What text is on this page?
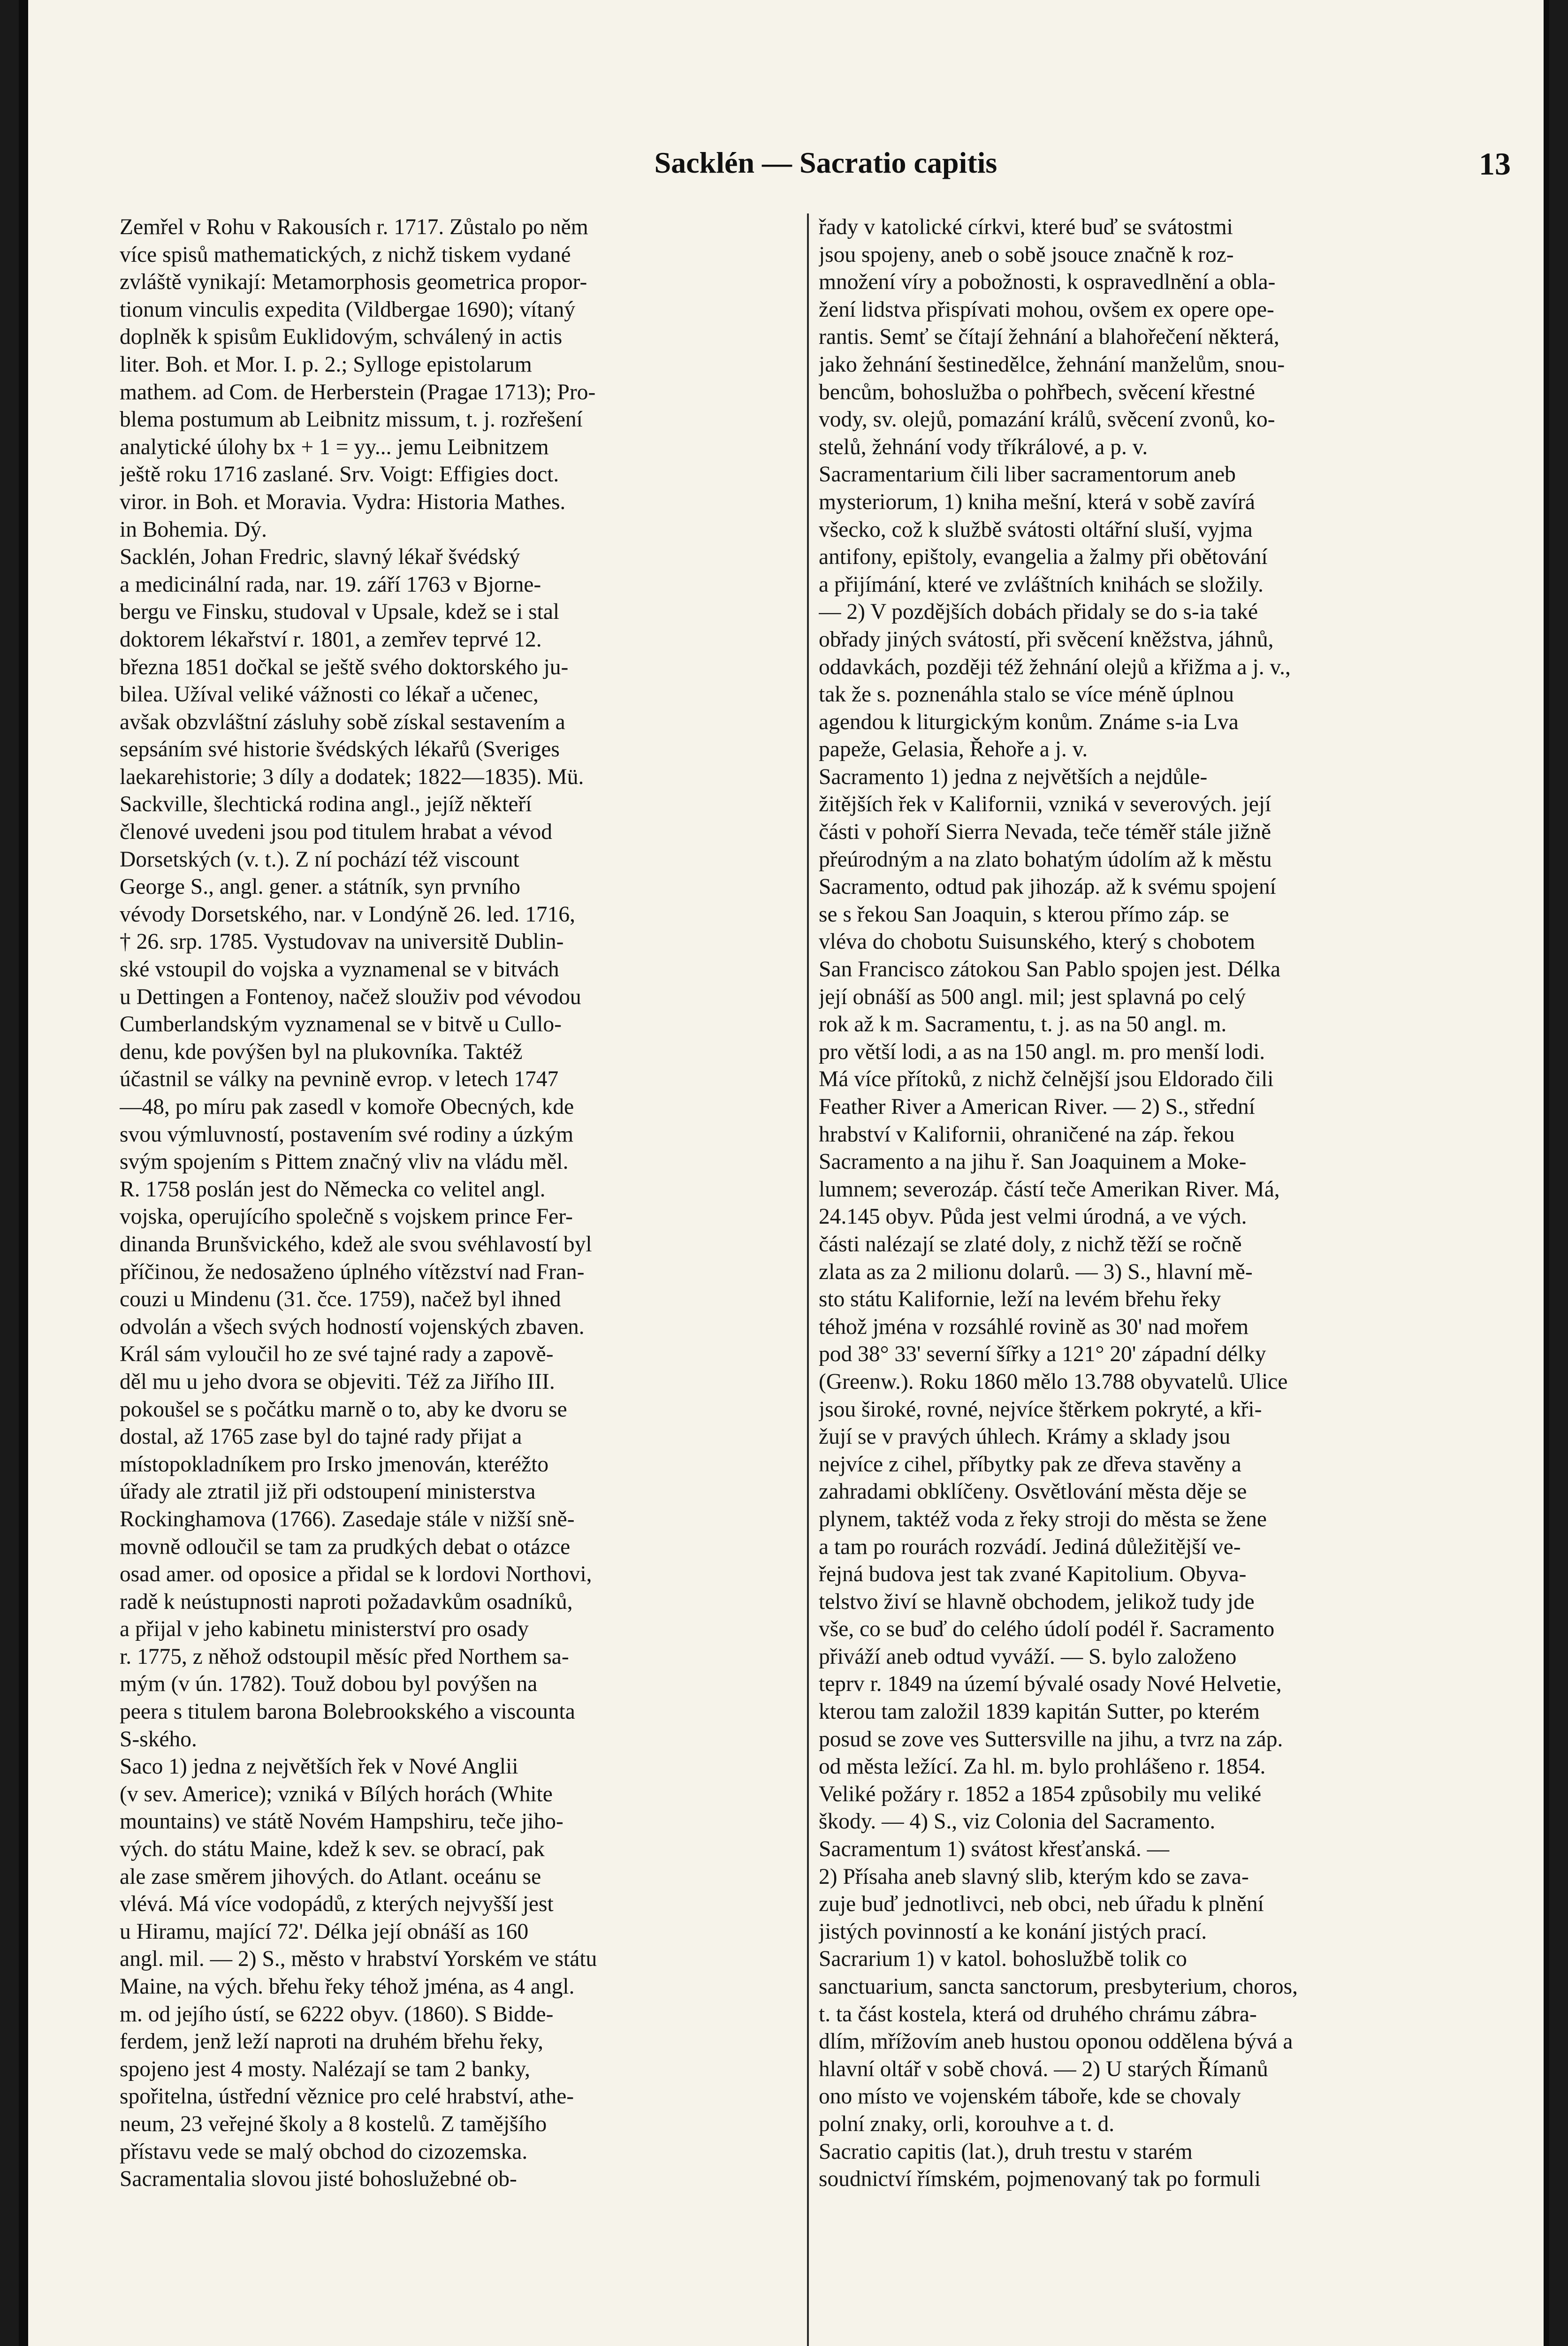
Sacklén — Sacratio capitis	13
Zemřel v Rohu v Rakousích r. 1717. Zůstalo po něm
více spisů mathematických, z nichž tiskem vydané
zvláště vynikají: Metamorphosis geometrica propor-
tionum vinculis expedita (Vildbergae 1690); vítaný
doplněk k spisům Euklidovým, schválený in actis
liter. Boh. et Mor. I. p. 2.; Sylloge epistolarum
mathem. ad Com. de Herberstein (Pragae 1713); Pro-
blema postumum ab Leibnitz missum, t. j. rozřešení
analytické úlohy bx + 1 = yy... jemu Leibnitzem
ještě roku 1716 zaslané. Srv. Voigt: Effigies doct.
viror. in Boh. et Moravia. Vydra: Historia Mathes.
in Bohemia. Dý.
Sacklén, Johan Fredric, slavný lékař švédský
a medicinální rada, nar. 19. září 1763 v Bjorne-
bergu ve Finsku, studoval v Upsale, kdež se i stal
doktorem lékařství r. 1801, a zemřev teprvé 12.
března 1851 dočkal se ještě svého doktorského ju-
bilea. Užíval veliké vážnosti co lékař a učenec,
avšak obzvláštní zásluhy sobě získal sestavením a
sepsáním své historie švédských lékařů (Sveriges
laekarehistorie; 3 díly a dodatek; 1822—1835). Mü.
Sackville, šlechtická rodina angl., jejíž někteří
členové uvedeni jsou pod titulem hrabat a vévod
Dorsetských (v. t.). Z ní pochází též viscount
George S., angl. gener. a státník, syn prvního
vévody Dorsetského, nar. v Londýně 26. led. 1716,
† 26. srp. 1785. Vystudovav na universitě Dublin-
ské vstoupil do vojska a vyznamenal se v bitvách
u Dettingen a Fontenoy, načež slouživ pod vévodou
Cumberlandským vyznamenal se v bitvě u Cullo-
denu, kde povýšen byl na plukovníka. Taktéž
účastnil se války na pevnině evrop. v letech 1747
—48, po míru pak zasedl v komoře Obecných, kde
svou výmluvností, postavením své rodiny a úzkým
svým spojením s Pittem značný vliv na vládu měl.
R. 1758 poslán jest do Německa co velitel angl.
vojska, operujícího společně s vojskem prince Fer-
dinanda Brunšvického, kdež ale svou svéhlavostí byl
příčinou, že nedosaženo úplného vítězství nad Fran-
couzi u Mindenu (31. čce. 1759), načež byl ihned
odvolán a všech svých hodností vojenských zbaven.
Král sám vyloučil ho ze své tajné rady a zapově-
děl mu u jeho dvora se objeviti. Též za Jiřího III.
pokoušel se s počátku marně o to, aby ke dvoru se
dostal, až 1765 zase byl do tajné rady přijat a
místopokladníkem pro Irsko jmenován, kteréžto
úřady ale ztratil již při odstoupení ministerstva
Rockinghamova (1766). Zasedaje stále v nižší sně-
movně odloučil se tam za prudkých debat o otázce
osad amer. od oposice a přidal se k lordovi Northovi,
radě k neústupnosti naproti požadavkům osadníků,
a přijal v jeho kabinetu ministerství pro osady
r. 1775, z něhož odstoupil měsíc před Northem sa-
mým (v ún. 1782). Touž dobou byl povýšen na
peera s titulem barona Bolebrookského a viscounta
S-ského.
Saco 1) jedna z největších řek v Nové Anglii
(v sev. Americe); vzniká v Bílých horách (White
mountains) ve státě Novém Hampshiru, teče jiho-
vých. do státu Maine, kdež k sev. se obrací, pak
ale zase směrem jihových. do Atlant. oceánu se
vlévá. Má více vodopádů, z kterých nejvyšší jest
u Hiramu, mající 72'. Délka její obnáší as 160
angl. mil. — 2) S., město v hrabství Yorském ve státu
Maine, na vých. břehu řeky téhož jména, as 4 angl.
m. od jejího ústí, se 6222 obyv. (1860). S Bidde-
ferdem, jenž leží naproti na druhém břehu řeky,
spojeno jest 4 mosty. Nalézají se tam 2 banky,
spořitelna, ústřední věznice pro celé hrabství, athe-
neum, 23 veřejné školy a 8 kostelů. Z tamějšího
přístavu vede se malý obchod do cizozemska.
Sacramentalia slovou jisté bohoslužebné ob-
řady v katolické církvi, které buď se svátostmi
jsou spojeny, aneb o sobě jsouce značně k roz-
množení víry a pobožnosti, k ospravedlnění a obla-
žení lidstva přispívati mohou, ovšem ex opere ope-
rantis. Semť se čítají žehnání a blahořečení některá,
jako žehnání šestinedělce, žehnání manželům, snou-
bencům, bohoslužba o pohřbech, svěcení křestné
vody, sv. olejů, pomazání králů, svěcení zvonů, ko-
stelů, žehnání vody tříkrálové, a p. v.
Sacramentarium čili liber sacramentorum aneb
mysteriorum, 1) kniha mešní, která v sobě zavírá
všecko, což k službě svátosti oltářní sluší, vyjma
antifony, epištoly, evangelia a žalmy při obětování
a přijímání, které ve zvláštních knihách se složily.
— 2) V pozdějších dobách přidaly se do s-ia také
obřady jiných svátostí, při svěcení kněžstva, jáhnů,
oddavkách, později též žehnání olejů a křižma a j. v.,
tak že s. poznenáhla stalo se více méně úplnou
agendou k liturgickým konům. Známe s-ia Lva
papeže, Gelasia, Řehoře a j. v.
Sacramento 1) jedna z největších a nejdůle-
žitějších řek v Kalifornii, vzniká v severových. její
části v pohoří Sierra Nevada, teče téměř stále jižně
přeúrodným a na zlato bohatým údolím až k městu
Sacramento, odtud pak jihozáp. až k svému spojení
se s řekou San Joaquin, s kterou přímo záp. se
vléva do chobotu Suisunského, který s chobotem
San Francisco zátokou San Pablo spojen jest. Délka
její obnáší as 500 angl. mil; jest splavná po celý
rok až k m. Sacramentu, t. j. as na 50 angl. m.
pro větší lodi, a as na 150 angl. m. pro menší lodi.
Má více přítoků, z nichž čelnější jsou Eldorado čili
Feather River a American River. — 2) S., střední
hrabství v Kalifornii, ohraničené na záp. řekou
Sacramento a na jihu ř. San Joaquinem a Moke-
lumnem; severozáp. částí teče Amerikan River. Má,
24.145 obyv. Půda jest velmi úrodná, a ve vých.
části nalézají se zlaté doly, z nichž těží se ročně
zlata as za 2 milionu dolarů. — 3) S., hlavní mě-
sto státu Kalifornie, leží na levém břehu řeky
téhož jména v rozsáhlé rovině as 30' nad mořem
pod 38° 33' severní šířky a 121° 20' západní délky
(Greenw.). Roku 1860 mělo 13.788 obyvatelů. Ulice
jsou široké, rovné, nejvíce štěrkem pokryté, a kři-
žují se v pravých úhlech. Krámy a sklady jsou
nejvíce z cihel, příbytky pak ze dřeva stavěny a
zahradami obklíčeny. Osvětlování města děje se
plynem, taktéž voda z řeky stroji do města se žene
a tam po rourách rozvádí. Jediná důležitější ve-
řejná budova jest tak zvané Kapitolium. Obyva-
telstvo živí se hlavně obchodem, jelikož tudy jde
vše, co se buď do celého údolí podél ř. Sacramento
přiváží aneb odtud vyváží. — S. bylo založeno
teprv r. 1849 na území bývalé osady Nové Helvetie,
kterou tam založil 1839 kapitán Sutter, po kterém
posud se zove ves Suttersville na jihu, a tvrz na záp.
od města ležící. Za hl. m. bylo prohlášeno r. 1854.
Veliké požáry r. 1852 a 1854 způsobily mu veliké
škody. — 4) S., viz Colonia del Sacramento.
Sacramentum 1) svátost křesťanská. —
2) Přísaha aneb slavný slib, kterým kdo se zava-
zuje buď jednotlivci, neb obci, neb úřadu k plnění
jistých povinností a ke konání jistých prací.
Sacrarium 1) v katol. bohoslužbě tolik co
sanctuarium, sancta sanctorum, presbyterium, choros,
t. ta část kostela, která od druhého chrámu zábra-
dlím, mřížovím aneb hustou oponou oddělena bývá a
hlavní oltář v sobě chová. — 2) U starých Římanů
ono místo ve vojenském táboře, kde se chovaly
polní znaky, orli, korouhve a t. d.
Sacratio capitis (lat.), druh trestu v starém
soudnictví římském, pojmenovaný tak po formuli
